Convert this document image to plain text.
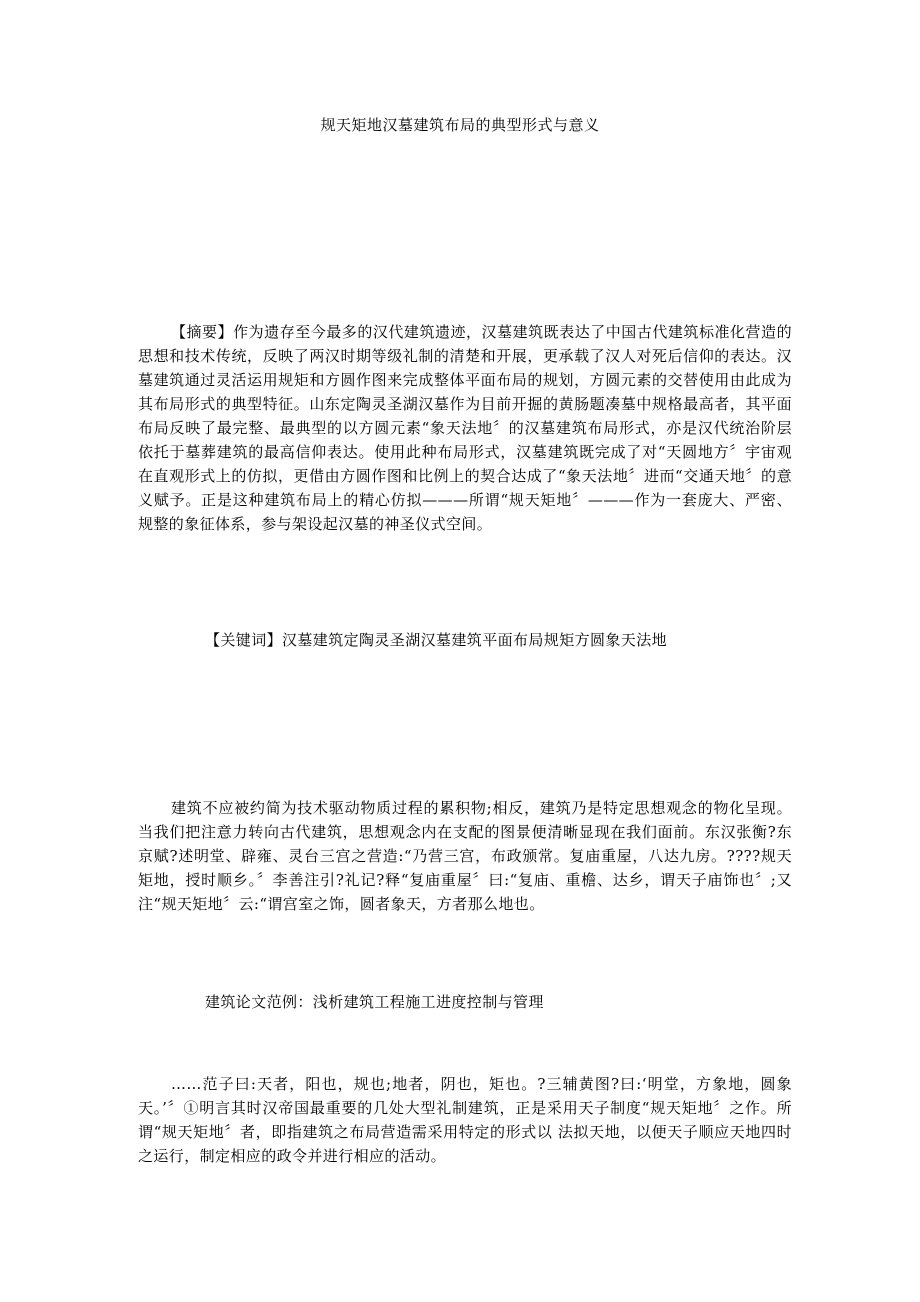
规天矩地汉墓建筑布局的典型形式与意义
【摘要】作为遗存至今最多的汉代建筑遗迹，汉墓建筑既表达了中国古代建筑标准化营造的思想和技术传统，反映了两汉时期等级礼制的清楚和开展，更承载了汉人对死后信仰的表达。汉墓建筑通过灵活运用规矩和方圆作图来完成整体平面布局的规划，方圆元素的交替使用由此成为其布局形式的典型特征。山东定陶灵圣湖汉墓作为目前开掘的黄肠题凑墓中规格最高者，其平面布局反映了最完整、最典型的以方圆元素“象天法地〞的汉墓建筑布局形式，亦是汉代统治阶层依托于墓葬建筑的最高信仰表达。使用此种布局形式，汉墓建筑既完成了对“天圆地方〞宇宙观在直观形式上的仿拟，更借由方圆作图和比例上的契合达成了“象天法地〞进而“交通天地〞的意义赋予。正是这种建筑布局上的精心仿拟———所谓“规天矩地〞———作为一套庞大、严密、规整的象征体系，参与架设起汉墓的神圣仪式空间。
【关键词】汉墓建筑定陶灵圣湖汉墓建筑平面布局规矩方圆象天法地
建筑不应被约简为技术驱动物质过程的累积物;相反，建筑乃是特定思想观念的物化呈现。当我们把注意力转向古代建筑，思想观念内在支配的图景便清晰显现在我们面前。东汉张衡?东京赋?述明堂、辟雍、灵台三宫之营造:“乃营三宫，布政颁常。复庙重屋，八达九房。????规天矩地，授时顺乡。〞李善注引?礼记?释“复庙重屋〞曰:“复庙、重檐、达乡，谓天子庙饰也〞;又注“规天矩地〞云:“谓宫室之饰，圆者象天，方者那么地也。
建筑论文范例：浅析建筑工程施工进度控制与管理
……范子曰:天者，阳也，规也;地者，阴也，矩也。?三辅黄图?曰:‘明堂，方象地，圆象天。’〞①明言其时汉帝国最重要的几处大型礼制建筑，正是采用天子制度“规天矩地〞之作。所谓“规天矩地〞者，即指建筑之布局营造需采用特定的形式以 法拟天地，以便天子顺应天地四时之运行，制定相应的政令并进行相应的活动。
